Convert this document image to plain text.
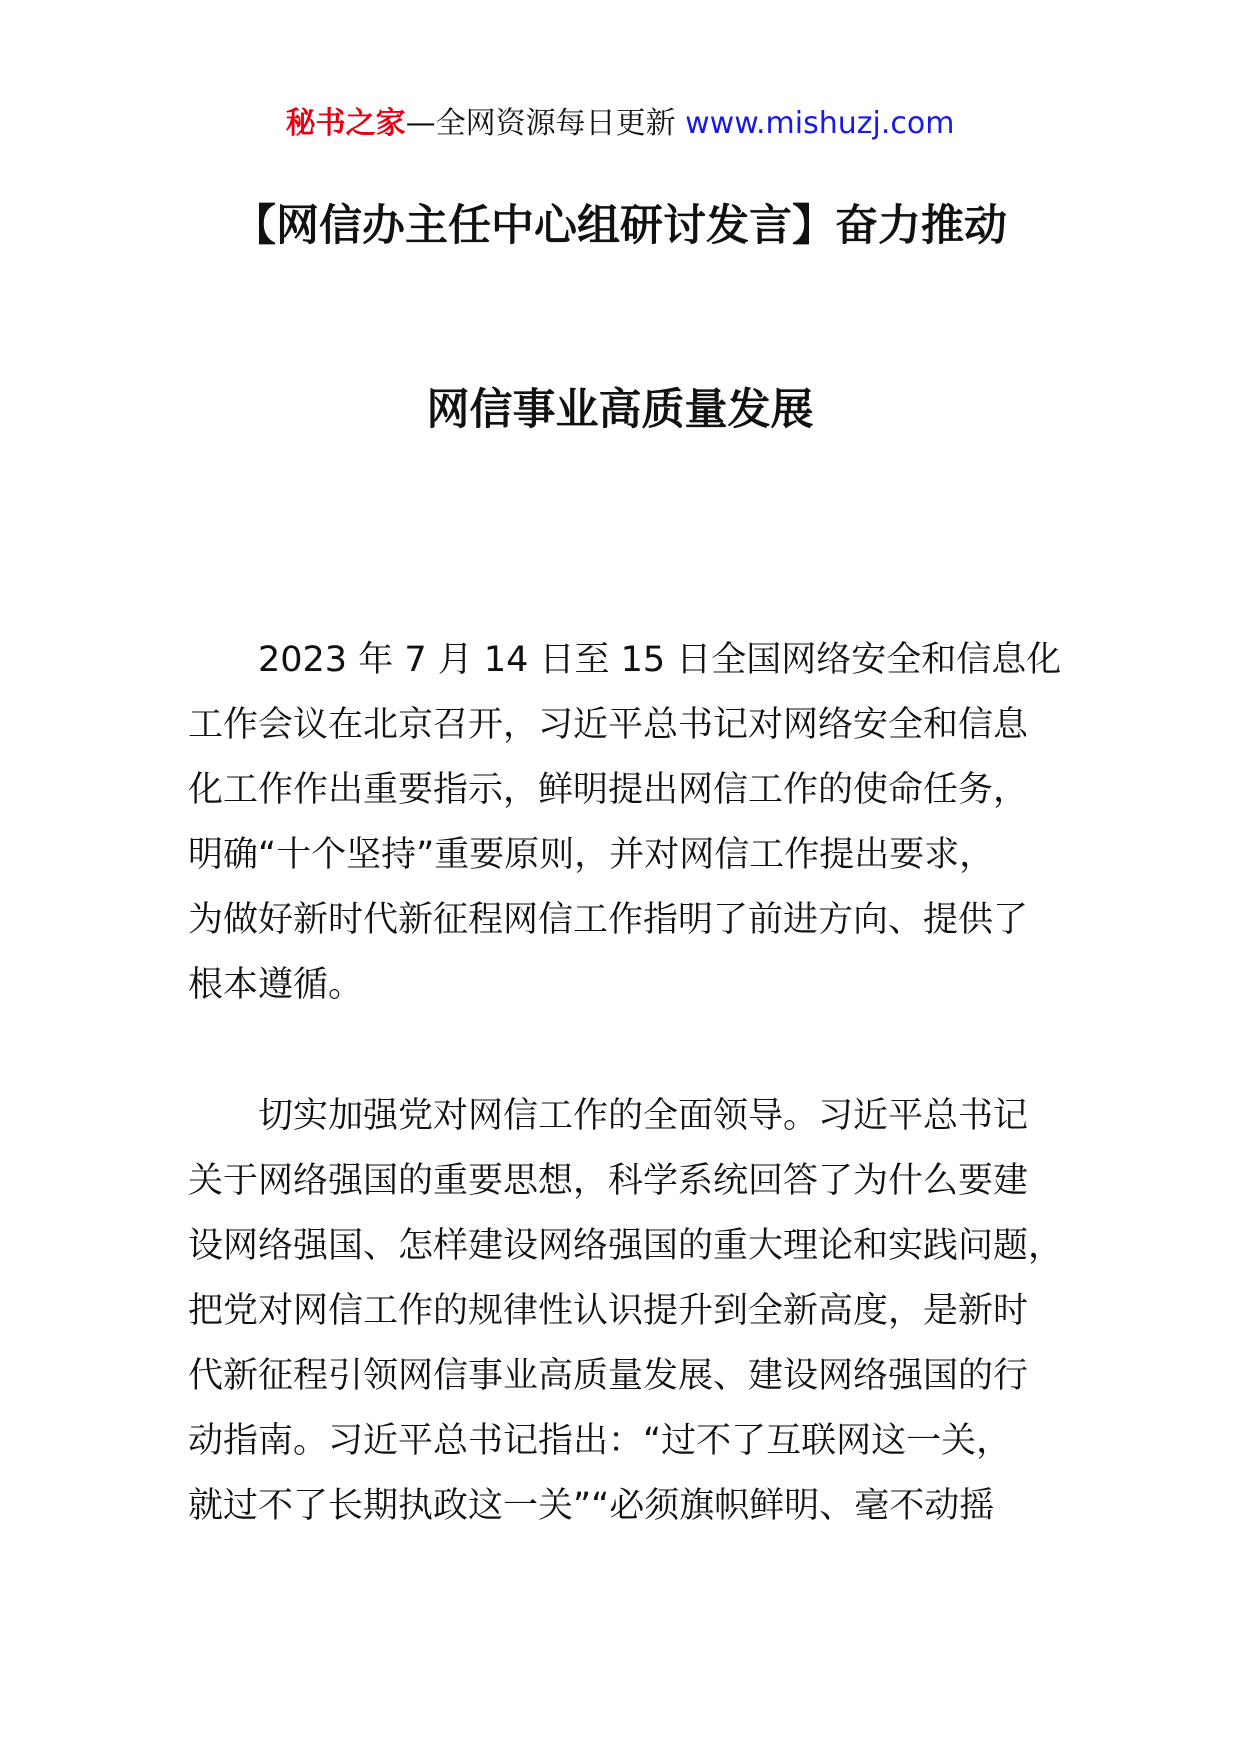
秘书之家—全网资源每日更新 www.mishuzj.com
【网信办主任中心组研讨发言】奋力推动
网信事业高质量发展
2023 年 7 月 14 日至 15 日全国网络安全和信息化
工作会议在北京召开，习近平总书记对网络安全和信息
化工作作出重要指示，鲜明提出网信工作的使命任务，
明确“十个坚持”重要原则，并对网信工作提出要求，
为做好新时代新征程网信工作指明了前进方向、提供了
根本遵循。
切实加强党对网信工作的全面领导。习近平总书记
关于网络强国的重要思想，科学系统回答了为什么要建
设网络强国、怎样建设网络强国的重大理论和实践问题，
把党对网信工作的规律性认识提升到全新高度，是新时
代新征程引领网信事业高质量发展、建设网络强国的行
动指南。习近平总书记指出：“过不了互联网这一关，
就过不了长期执政这一关”“必须旗帜鲜明、毫不动摇
